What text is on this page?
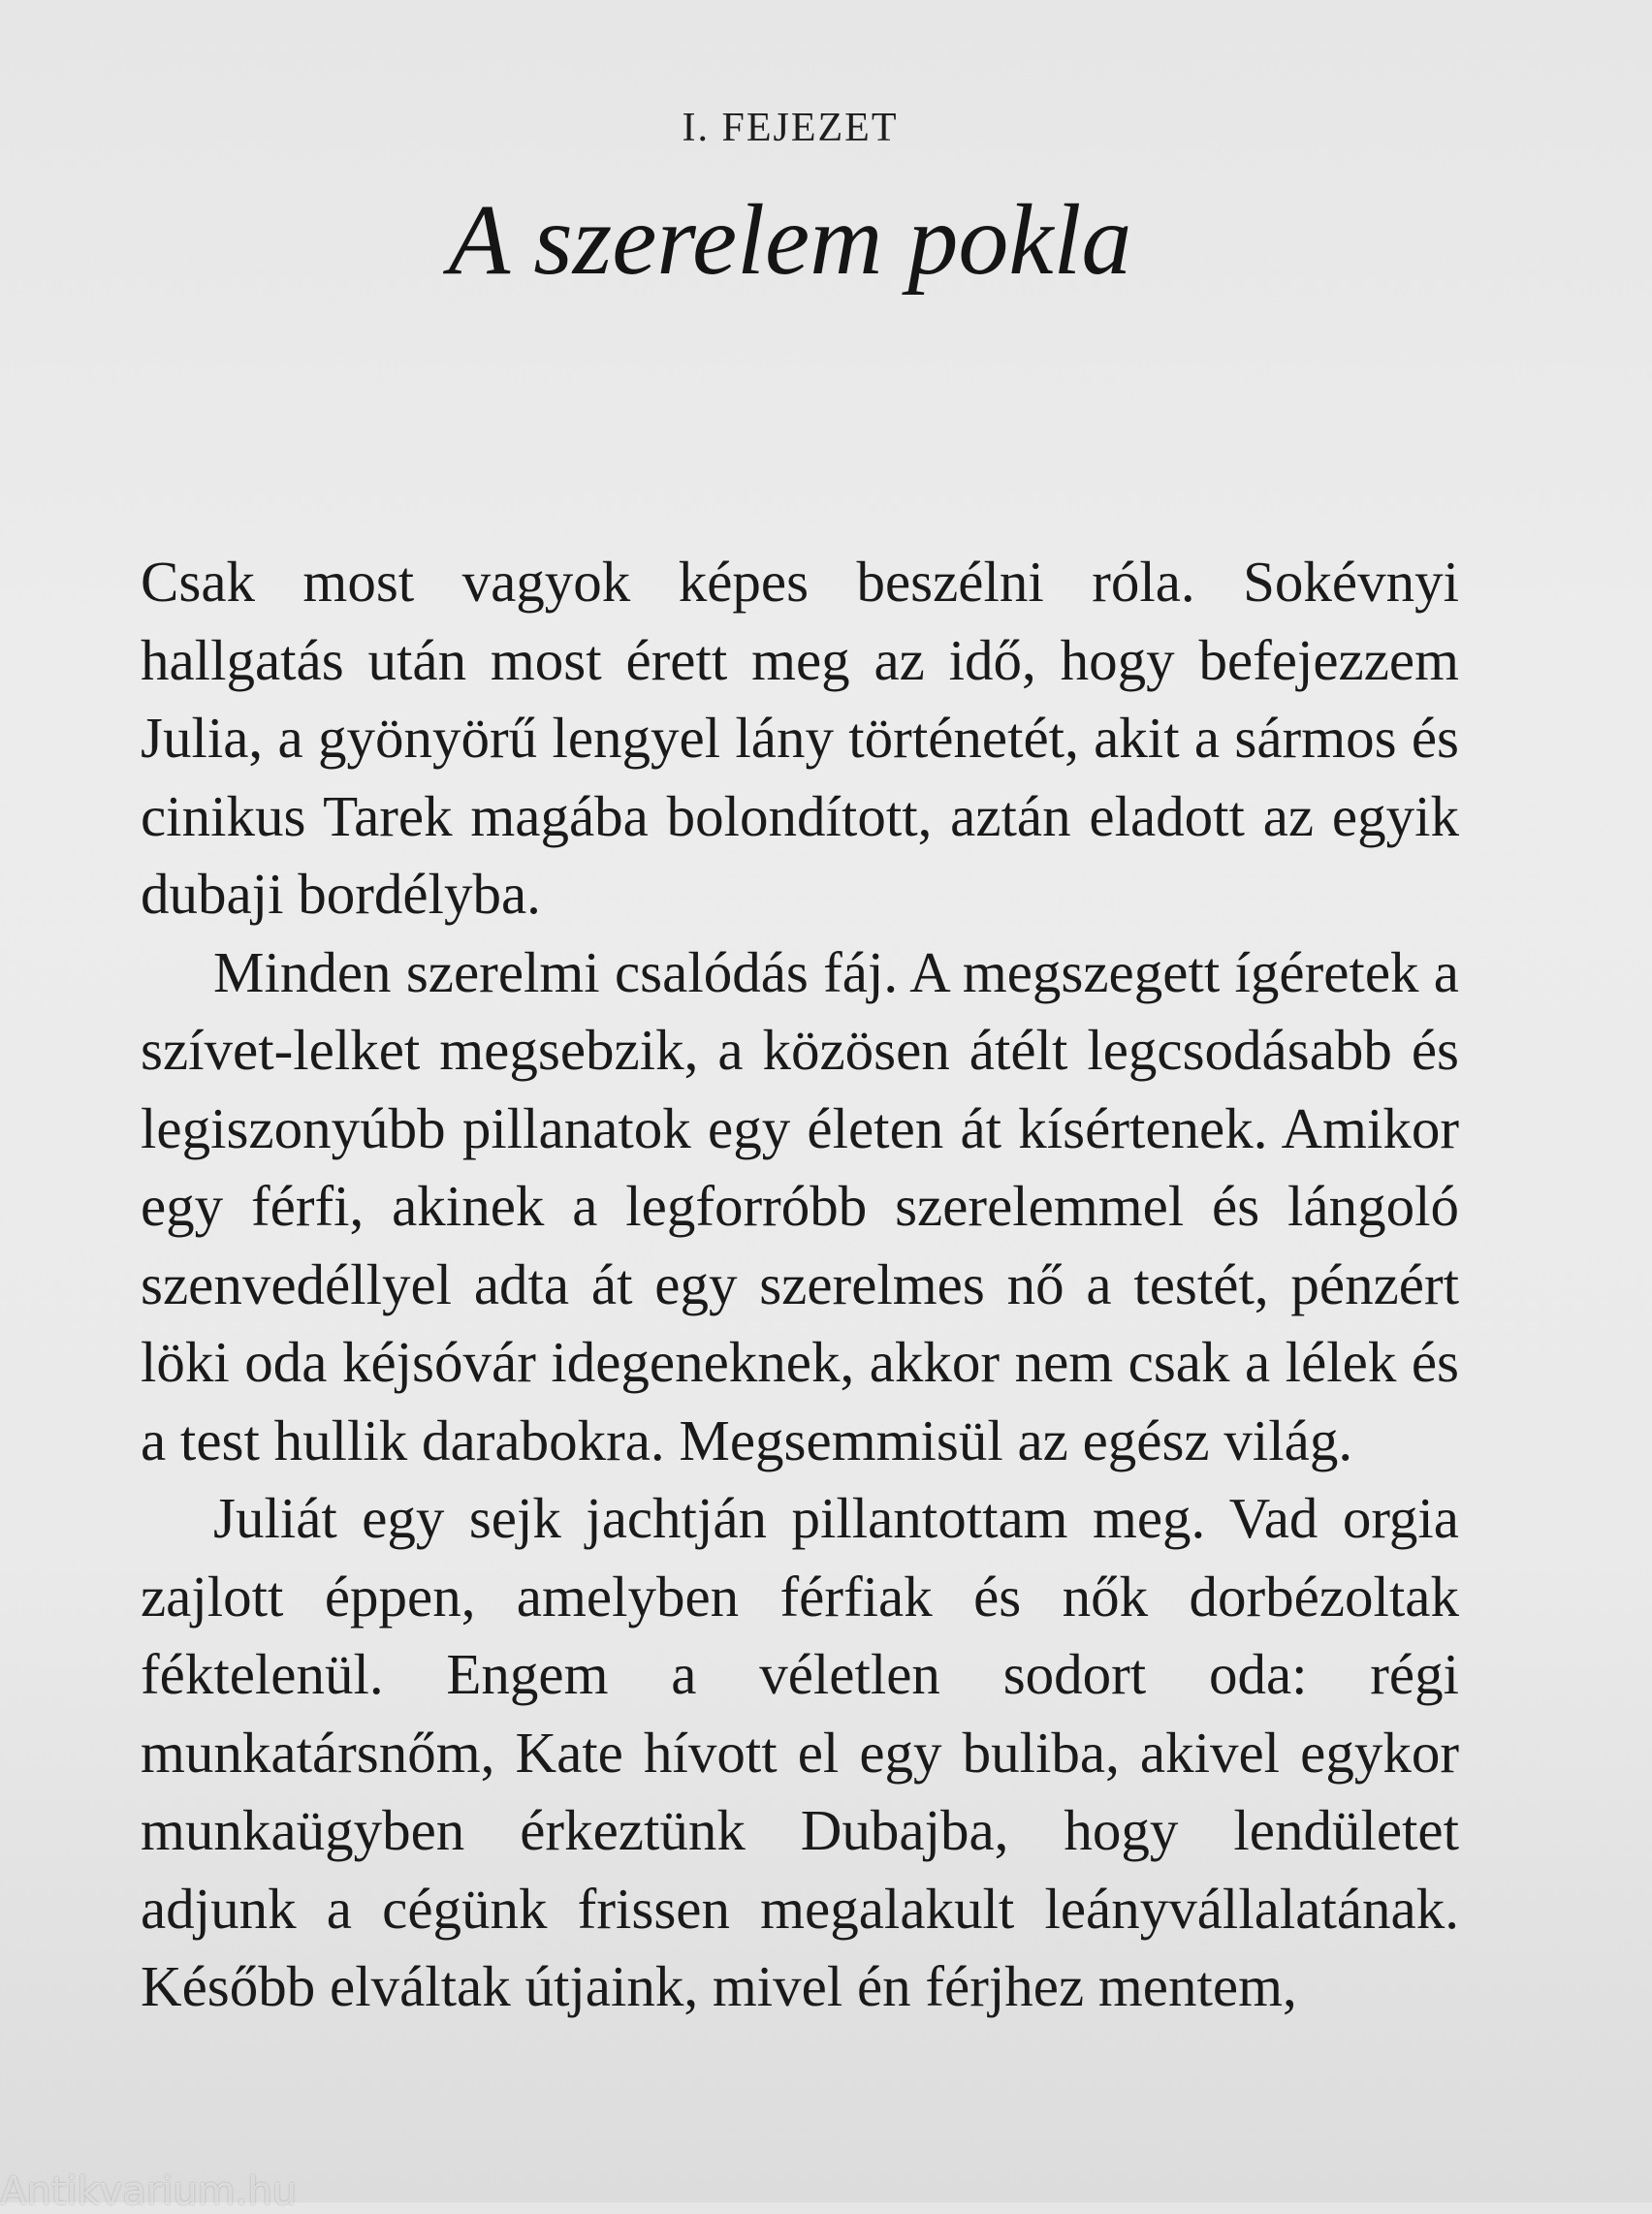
I. FEJEZET
A szerelem pokla

Csak most vagyok képes beszélni róla. Sokévnyi hallgatás után most érett meg az idő, hogy befejezzem Julia, a gyönyörű lengyel lány történetét, akit a sármos és cinikus Tarek magába bolondított, aztán eladott az egyik dubaji bordélyba.

Minden szerelmi csalódás fáj. A megszegett ígéretek a szívet-lelket megsebzik, a közösen átélt legcsodásabb és legiszonyúbb pillanatok egy életen át kísértenek. Amikor egy férfi, akinek a legforróbb szerelemmel és lángoló szenvedéllyel adta át egy szerelmes nő a testét, pénzért löki oda kéjsóvár idegeneknek, akkor nem csak a lélek és a test hullik darabokra. Megsemmisül az egész világ.

Juliát egy sejk jachtján pillantottam meg. Vad orgia zajlott éppen, amelyben férfiak és nők dorbézoltak féktelenül. Engem a véletlen sodort oda: régi munkatársnőm, Kate hívott el egy buliba, akivel egykor munkaügyben érkeztünk Dubajba, hogy lendületet adjunk a cégünk frissen megalakult leányvállalatának. Később elváltak útjaink, mivel én férjhez mentem,

Antikvarium.hu
